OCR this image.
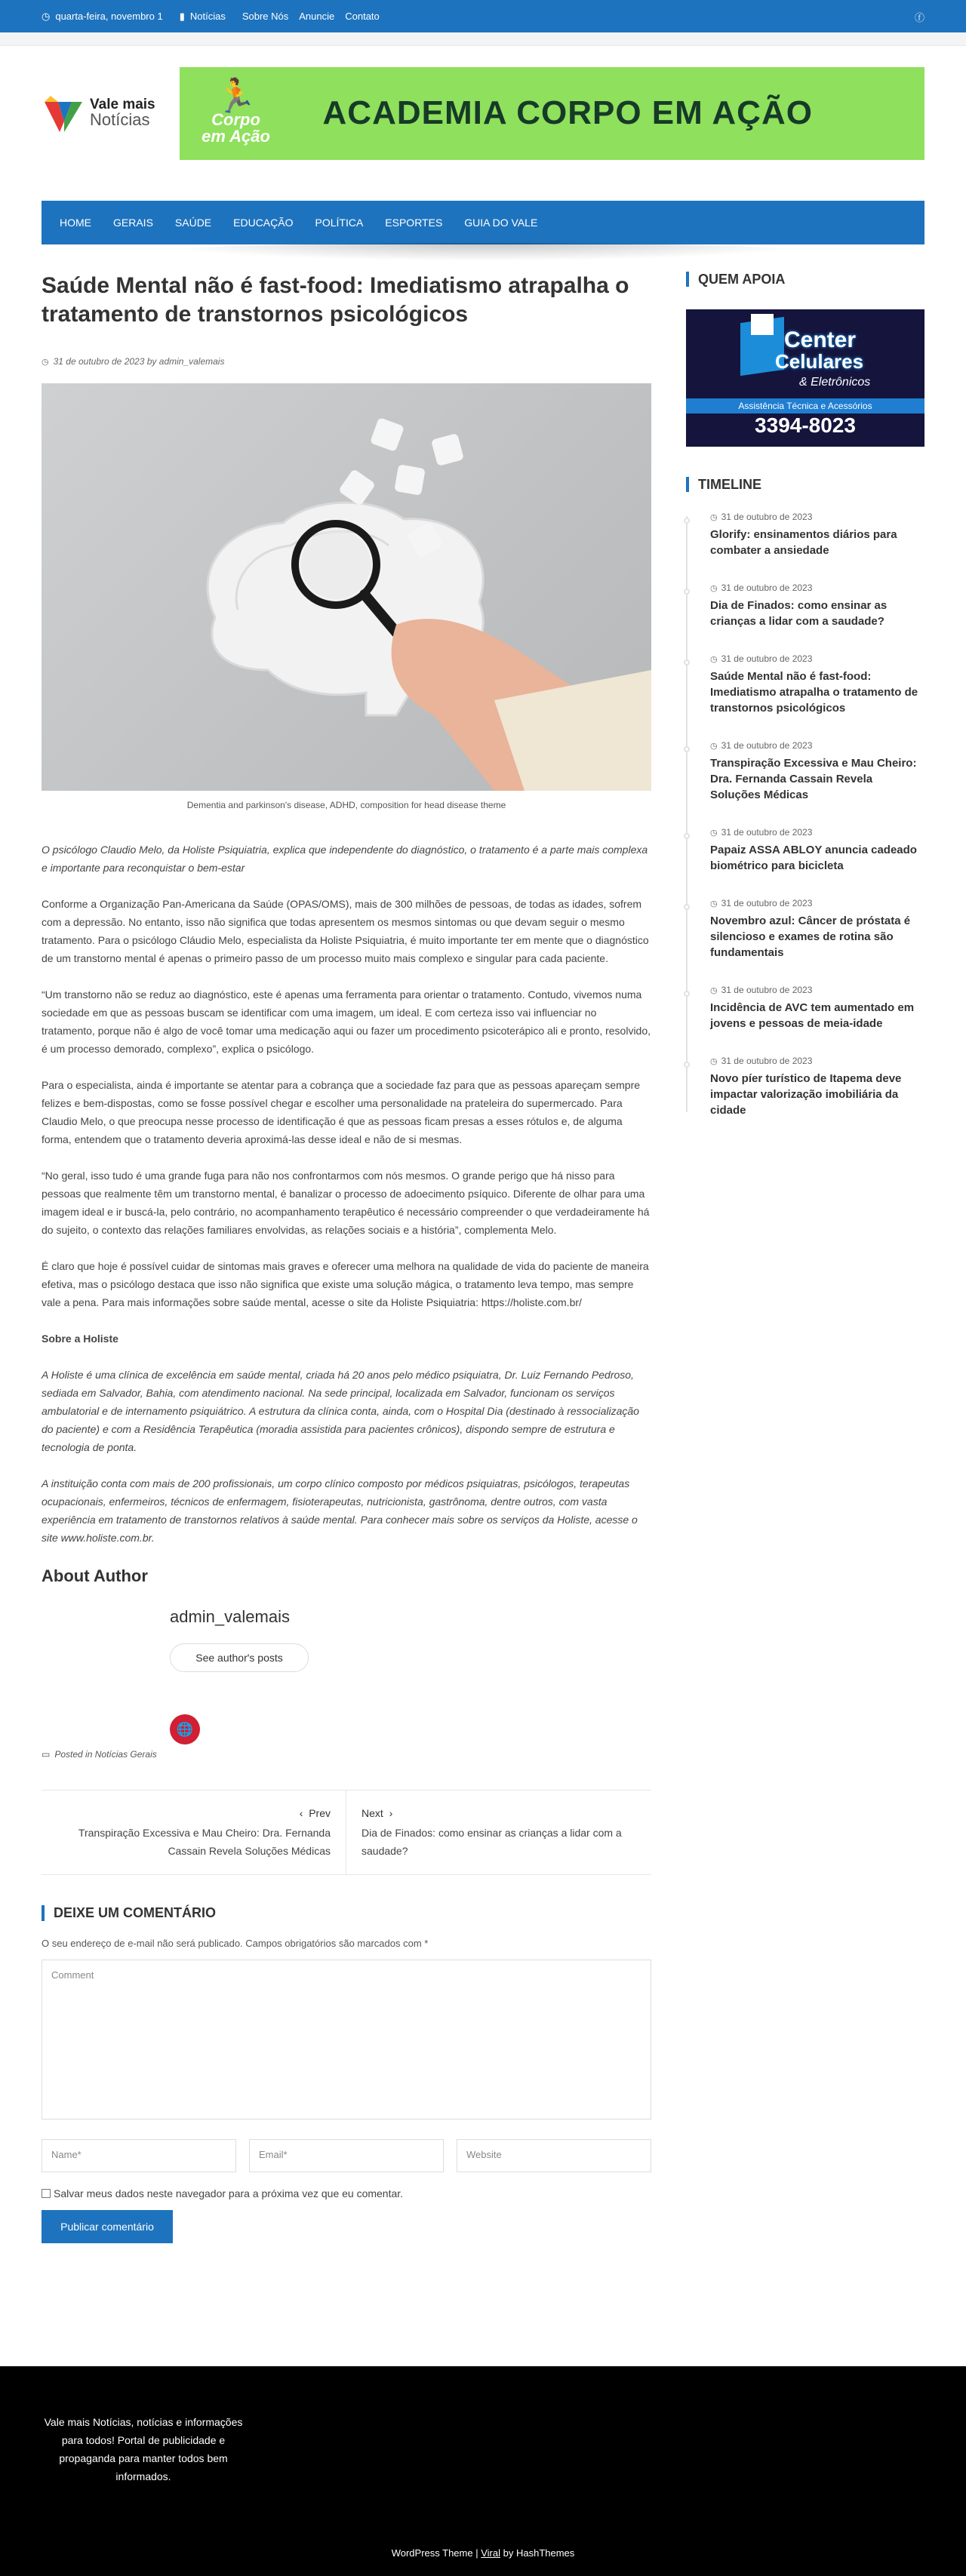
◷ quarta-feira, novembro 1 ▮ Notícias Sobre Nós Anuncie Contato	ⓕ
Vale mais
Notícias
🏃
Corpo
em Ação
ACADEMIA CORPO EM AÇÃO
HOME GERAIS SAÚDE EDUCAÇÃO POLÍTICA ESPORTES GUIA DO VALE
Saúde Mental não é fast-food: Imediatismo atrapalha o tratamento de transtornos psicológicos
◷ 31 de outubro de 2023
by
admin_valemais
Dementia and parkinson's disease, ADHD, composition for head disease theme

O psicólogo Claudio Melo, da Holiste Psiquiatria, explica que independente do diagnóstico, o tratamento é a parte mais complexa e importante para reconquistar o bem-estar

Conforme a Organização Pan-Americana da Saúde (OPAS/OMS), mais de 300 milhões de pessoas, de todas as idades, sofrem com a depressão. No entanto, isso não significa que todas apresentem os mesmos sintomas ou que devam seguir o mesmo tratamento. Para o psicólogo Cláudio Melo, especialista da Holiste Psiquiatria, é muito importante ter em mente que o diagnóstico de um transtorno mental é apenas o primeiro passo de um processo muito mais complexo e singular para cada paciente.

“Um transtorno não se reduz ao diagnóstico, este é apenas uma ferramenta para orientar o tratamento. Contudo, vivemos numa sociedade em que as pessoas buscam se identificar com uma imagem, um ideal. E com certeza isso vai influenciar no tratamento, porque não é algo de você tomar uma medicação aqui ou fazer um procedimento psicoterápico ali e pronto, resolvido, é um processo demorado, complexo”, explica o psicólogo.

Para o especialista, ainda é importante se atentar para a cobrança que a sociedade faz para que as pessoas apareçam sempre felizes e bem-dispostas, como se fosse possível chegar e escolher uma personalidade na prateleira do supermercado. Para Claudio Melo, o que preocupa nesse processo de identificação é que as pessoas ficam presas a esses rótulos e, de alguma forma, entendem que o tratamento deveria aproximá-las desse ideal e não de si mesmas.

“No geral, isso tudo é uma grande fuga para não nos confrontarmos com nós mesmos. O grande perigo que há nisso para pessoas que realmente têm um transtorno mental, é banalizar o processo de adoecimento psíquico. Diferente de olhar para uma imagem ideal e ir buscá-la, pelo contrário, no acompanhamento terapêutico é necessário compreender o que verdadeiramente há do sujeito, o contexto das relações familiares envolvidas, as relações sociais e a história”, complementa Melo.

É claro que hoje é possível cuidar de sintomas mais graves e oferecer uma melhora na qualidade de vida do paciente de maneira efetiva, mas o psicólogo destaca que isso não significa que existe uma solução mágica, o tratamento leva tempo, mas sempre vale a pena. Para mais informações sobre saúde mental, acesse o site da Holiste Psiquiatria: https://holiste.com.br/

Sobre a Holiste

A Holiste é uma clínica de excelência em saúde mental, criada há 20 anos pelo médico psiquiatra, Dr. Luiz Fernando Pedroso, sediada em Salvador, Bahia, com atendimento nacional. Na sede principal, localizada em Salvador, funcionam os serviços ambulatorial e de internamento psiquiátrico. A estrutura da clínica conta, ainda, com o Hospital Dia (destinado à ressocialização do paciente) e com a Residência Terapêutica (moradia assistida para pacientes crônicos), dispondo sempre de estrutura e tecnologia de ponta.

A instituição conta com mais de 200 profissionais, um corpo clínico composto por médicos psiquiatras, psicólogos, terapeutas ocupacionais, enfermeiros, técnicos de enfermagem, fisioterapeutas, nutricionista, gastrônoma, dentre outros, com vasta experiência em tratamento de transtornos relativos à saúde mental. Para conhecer mais sobre os serviços da Holiste, acesse o site www.holiste.com.br.

About Author
admin_valemais
See author's posts
🌐
▭ Posted in Notícias Gerais
‹ Prev
Transpiração Excessiva e Mau Cheiro: Dra. Fernanda Cassain Revela Soluções Médicas
Next ›
Dia de Finados: como ensinar as crianças a lidar com a saudade?
DEIXE UM COMENTÁRIO

O seu endereço de e-mail não será publicado. Campos obrigatórios são marcados com *

Comment
Name*	Email*	Website
Salvar meus dados neste navegador para a próxima vez que eu comentar.
Publicar comentário
QUEM APOIA
Center
Celulares
& Eletrônicos
Assistência Técnica e Acessórios
3394-8023
TIMELINE
◷ 31 de outubro de 2023
Glorify: ensinamentos diários para combater a ansiedade
◷ 31 de outubro de 2023
Dia de Finados: como ensinar as crianças a lidar com a saudade?
◷ 31 de outubro de 2023
Saúde Mental não é fast-food: Imediatismo atrapalha o tratamento de transtornos psicológicos
◷ 31 de outubro de 2023
Transpiração Excessiva e Mau Cheiro: Dra. Fernanda Cassain Revela Soluções Médicas
◷ 31 de outubro de 2023
Papaiz ASSA ABLOY anuncia cadeado biométrico para bicicleta
◷ 31 de outubro de 2023
Novembro azul: Câncer de próstata é silencioso e exames de rotina são fundamentais
◷ 31 de outubro de 2023
Incidência de AVC tem aumentado em jovens e pessoas de meia-idade
◷ 31 de outubro de 2023
Novo píer turístico de Itapema deve impactar valorização imobiliária da cidade
Vale mais Notícias, notícias e informações para todos! Portal de publicidade e propaganda para manter todos bem informados.
WordPress Theme | Viral by HashThemes
